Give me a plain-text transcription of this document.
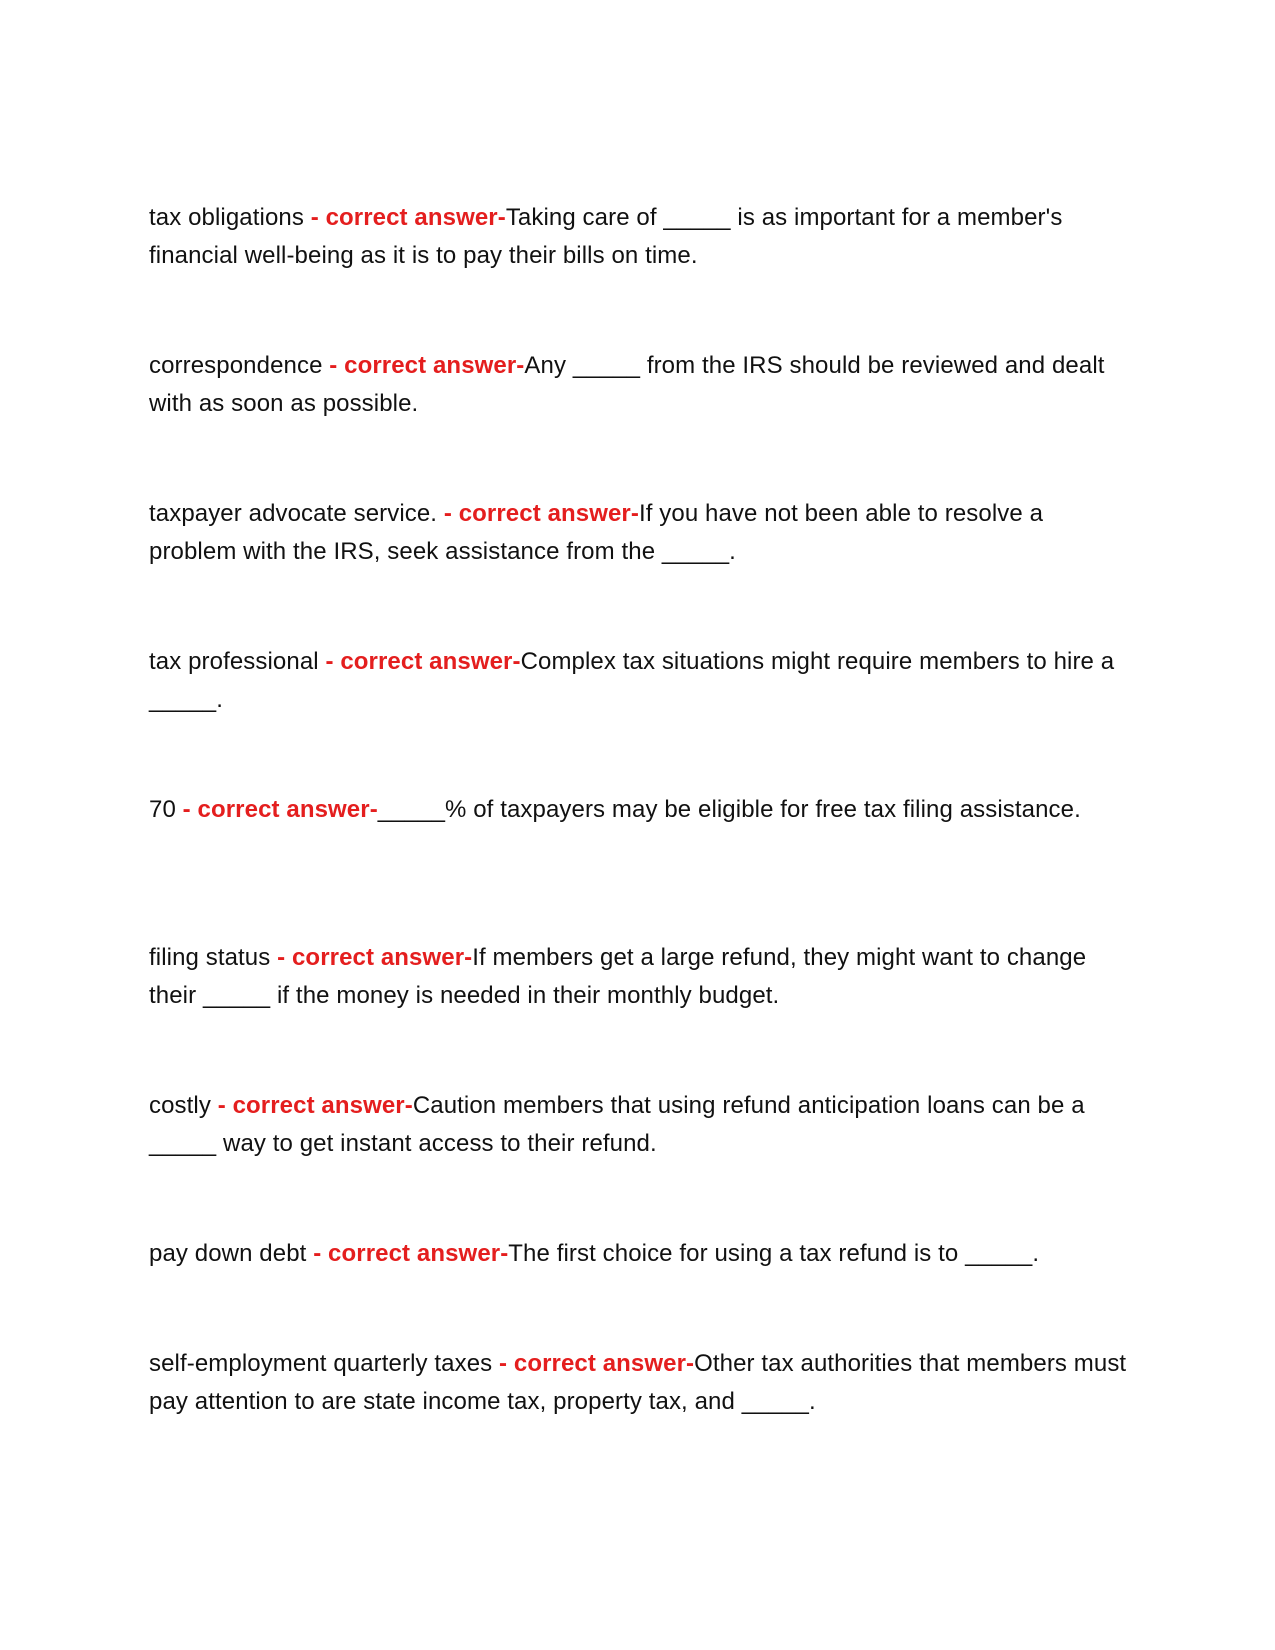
tax obligations - correct answer-Taking care of _____ is as important for a member's financial well-being as it is to pay their bills on time.
correspondence - correct answer-Any _____ from the IRS should be reviewed and dealt with as soon as possible.
taxpayer advocate service. - correct answer-If you have not been able to resolve a problem with the IRS, seek assistance from the _____.
tax professional - correct answer-Complex tax situations might require members to hire a _____.
70 - correct answer-_____% of taxpayers may be eligible for free tax filing assistance.
filing status - correct answer-If members get a large refund, they might want to change their _____ if the money is needed in their monthly budget.
costly - correct answer-Caution members that using refund anticipation loans can be a _____ way to get instant access to their refund.
pay down debt - correct answer-The first choice for using a tax refund is to _____.
self-employment quarterly taxes - correct answer-Other tax authorities that members must pay attention to are state income tax, property tax, and _____.
